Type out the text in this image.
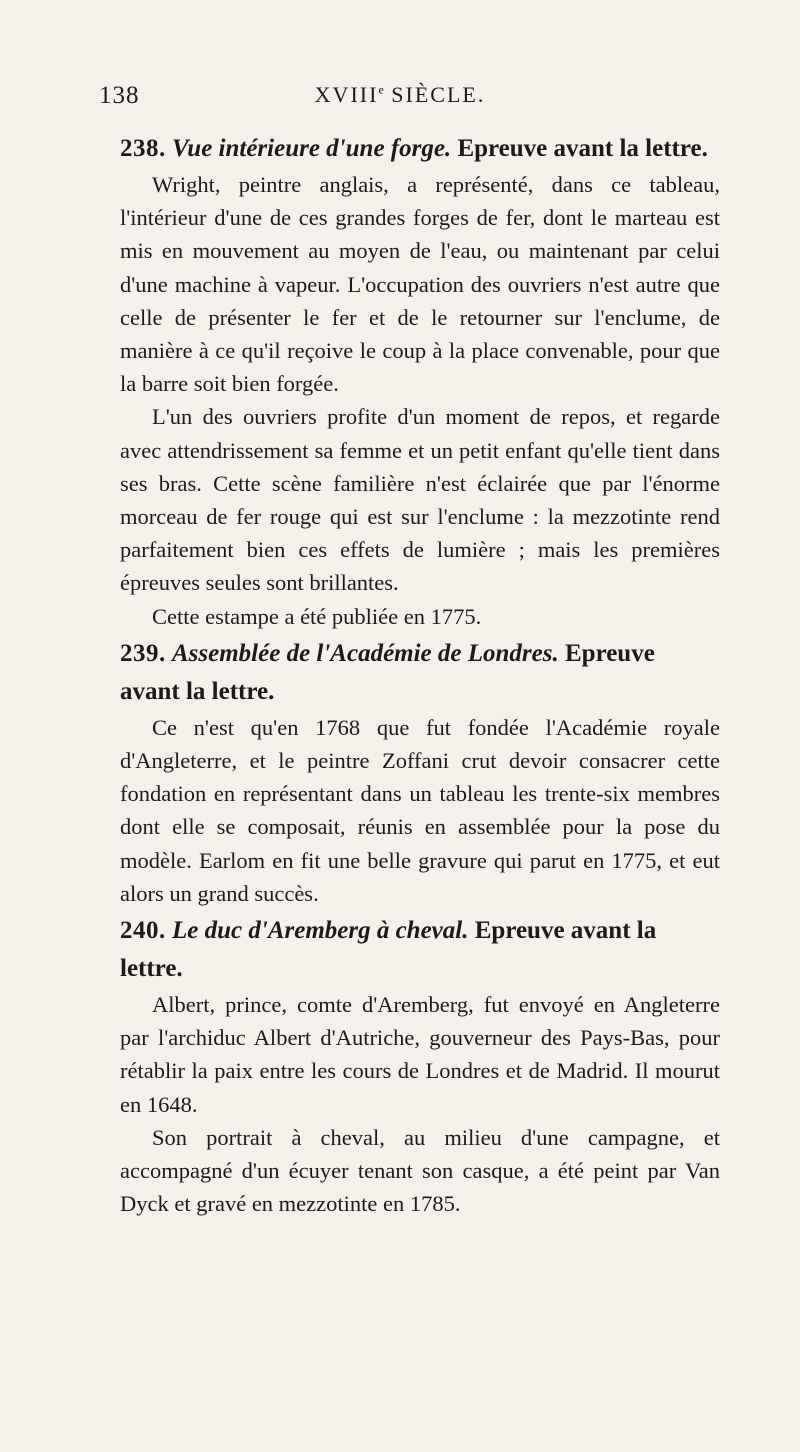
138	XVIIIe SIÈCLE.
238. Vue intérieure d'une forge. Epreuve avant la lettre.

Wright, peintre anglais, a représenté, dans ce tableau, l'intérieur d'une de ces grandes forges de fer, dont le marteau est mis en mouvement au moyen de l'eau, ou maintenant par celui d'une machine à vapeur. L'occupation des ouvriers n'est autre que celle de présenter le fer et de le retourner sur l'enclume, de manière à ce qu'il reçoive le coup à la place convenable, pour que la barre soit bien forgée.

L'un des ouvriers profite d'un moment de repos, et regarde avec attendrissement sa femme et un petit enfant qu'elle tient dans ses bras. Cette scène familière n'est éclairée que par l'énorme morceau de fer rouge qui est sur l'enclume : la mezzotinte rend parfaitement bien ces effets de lumière ; mais les premières épreuves seules sont brillantes.

Cette estampe a été publiée en 1775.

239. Assemblée de l'Académie de Londres. Epreuve avant la lettre.

Ce n'est qu'en 1768 que fut fondée l'Académie royale d'Angleterre, et le peintre Zoffani crut devoir consacrer cette fondation en représentant dans un tableau les trente-six membres dont elle se composait, réunis en assemblée pour la pose du modèle. Earlom en fit une belle gravure qui parut en 1775, et eut alors un grand succès.

240. Le duc d'Aremberg à cheval. Epreuve avant la lettre.

Albert, prince, comte d'Aremberg, fut envoyé en Angleterre par l'archiduc Albert d'Autriche, gouverneur des Pays-Bas, pour rétablir la paix entre les cours de Londres et de Madrid. Il mourut en 1648.

Son portrait à cheval, au milieu d'une campagne, et accompagné d'un écuyer tenant son casque, a été peint par Van Dyck et gravé en mezzotinte en 1785.
